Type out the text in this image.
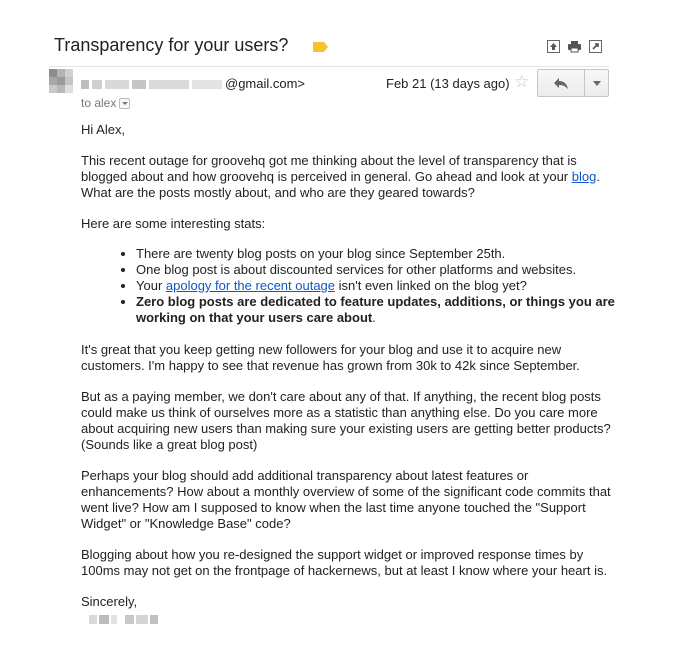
Transparency for your users?
@gmail.com>	Feb 21 (13 days ago) ☆
to alex

Hi Alex,

This recent outage for groovehq got me thinking about the level of transparency that is blogged about and how groovehq is perceived in general. Go ahead and look at your blog. What are the posts mostly about, and who are they geared towards?

Here are some interesting stats:

• There are twenty blog posts on your blog since September 25th.
• One blog post is about discounted services for other platforms and websites.
• Your apology for the recent outage isn't even linked on the blog yet?
• Zero blog posts are dedicated to feature updates, additions, or things you are working on that your users care about.

It's great that you keep getting new followers for your blog and use it to acquire new customers. I'm happy to see that revenue has grown from 30k to 42k since September.

But as a paying member, we don't care about any of that. If anything, the recent blog posts could make us think of ourselves more as a statistic than anything else. Do you care more about acquiring new users than making sure your existing users are getting better products? (Sounds like a great blog post)

Perhaps your blog should add additional transparency about latest features or enhancements? How about a monthly overview of some of the significant code commits that went live? How am I supposed to know when the last time anyone touched the "Support Widget" or "Knowledge Base" code?

Blogging about how you re-designed the support widget or improved response times by 100ms may not get on the frontpage of hackernews, but at least I know where your heart is.

Sincerely,
